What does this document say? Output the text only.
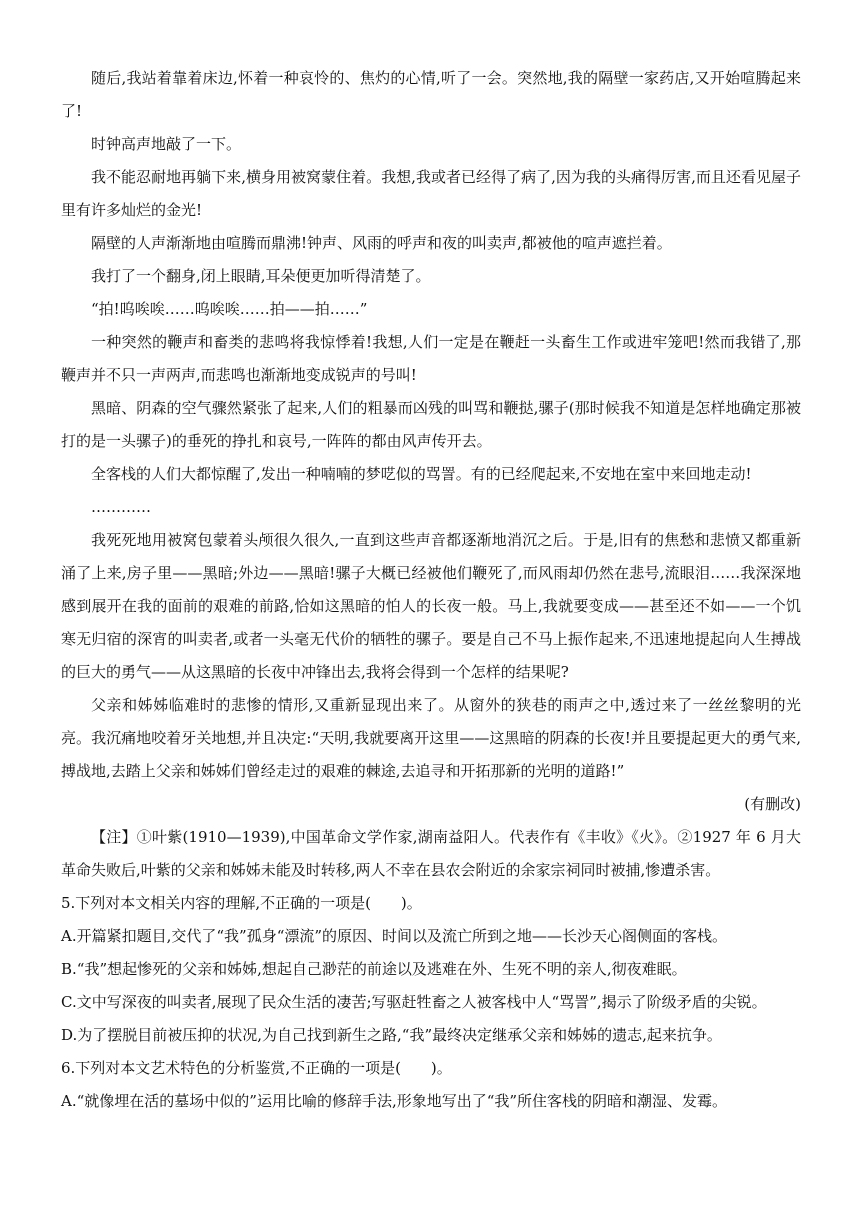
随后,我站着靠着床边,怀着一种哀怜的、焦灼的心情,听了一会。突然地,我的隔壁一家药店,又开始喧腾起来了!

时钟高声地敲了一下。

我不能忍耐地再躺下来,横身用被窝蒙住着。我想,我或者已经得了病了,因为我的头痛得厉害,而且还看见屋子里有许多灿烂的金光!

隔壁的人声渐渐地由喧腾而鼎沸!钟声、风雨的呼声和夜的叫卖声,都被他的喧声遮拦着。

我打了一个翻身,闭上眼睛,耳朵便更加听得清楚了。

“拍!呜唉唉……呜唉唉……拍——拍……”

一种突然的鞭声和畜类的悲鸣将我惊悸着!我想,人们一定是在鞭赶一头畜生工作或进牢笼吧!然而我错了,那鞭声并不只一声两声,而悲鸣也渐渐地变成锐声的号叫!

黑暗、阴森的空气骤然紧张了起来,人们的粗暴而凶残的叫骂和鞭挞,骡子(那时候我不知道是怎样地确定那被打的是一头骡子)的垂死的挣扎和哀号,一阵阵的都由风声传开去。

全客栈的人们大都惊醒了,发出一种喃喃的梦呓似的骂詈。有的已经爬起来,不安地在室中来回地走动!

…………

我死死地用被窝包蒙着头颅很久很久,一直到这些声音都逐渐地消沉之后。于是,旧有的焦愁和悲愤又都重新涌了上来,房子里——黑暗;外边——黑暗!骡子大概已经被他们鞭死了,而风雨却仍然在悲号,流眼泪……我深深地感到展开在我的面前的艰难的前路,恰如这黑暗的怕人的长夜一般。马上,我就要变成——甚至还不如——一个饥寒无归宿的深宵的叫卖者,或者一头毫无代价的牺牲的骡子。要是自己不马上振作起来,不迅速地提起向人生搏战的巨大的勇气——从这黑暗的长夜中冲锋出去,我将会得到一个怎样的结果呢?

父亲和姊姊临难时的悲惨的情形,又重新显现出来了。从窗外的狭巷的雨声之中,透过来了一丝丝黎明的光亮。我沉痛地咬着牙关地想,并且决定:“天明,我就要离开这里——这黑暗的阴森的长夜!并且要提起更大的勇气来,搏战地,去踏上父亲和姊姊们曾经走过的艰难的棘途,去追寻和开拓那新的光明的道路!”

(有删改)

【注】①叶紫(1910—1939),中国革命文学作家,湖南益阳人。代表作有《丰收》《火》。②1927 年 6 月大革命失败后,叶紫的父亲和姊姊未能及时转移,两人不幸在县农会附近的余家宗祠同时被捕,惨遭杀害。

5.下列对本文相关内容的理解,不正确的一项是(　　)。

A.开篇紧扣题目,交代了“我”孤身“漂流”的原因、时间以及流亡所到之地——长沙天心阁侧面的客栈。

B.“我”想起惨死的父亲和姊姊,想起自己渺茫的前途以及逃难在外、生死不明的亲人,彻夜难眠。

C.文中写深夜的叫卖者,展现了民众生活的凄苦;写驱赶牲畜之人被客栈中人“骂詈”,揭示了阶级矛盾的尖锐。

D.为了摆脱目前被压抑的状况,为自己找到新生之路,“我”最终决定继承父亲和姊姊的遗志,起来抗争。

6.下列对本文艺术特色的分析鉴赏,不正确的一项是(　　)。

A.“就像埋在活的墓场中似的”运用比喻的修辞手法,形象地写出了“我”所住客栈的阴暗和潮湿、发霉。
